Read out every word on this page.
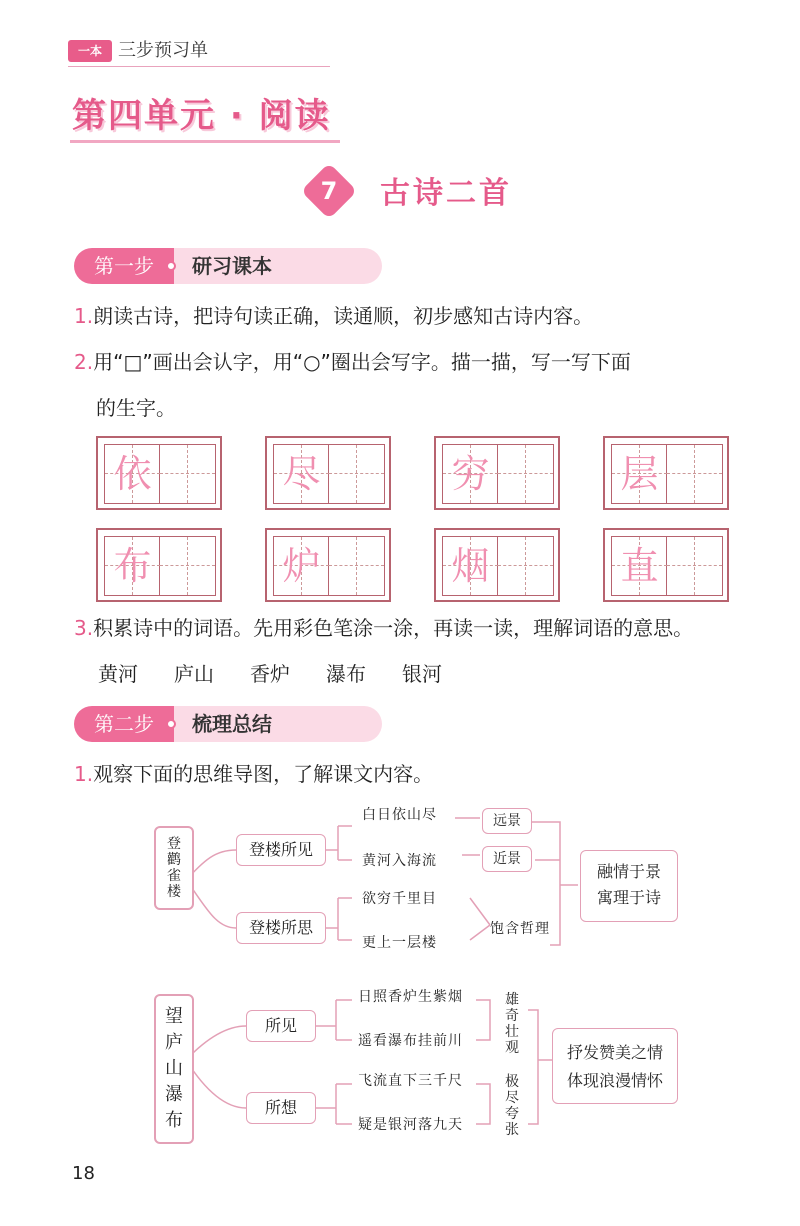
一本 三步预习单
第四单元 · 阅读
7	古诗二首
研习课本
第一步
1.朗读古诗，把诗句读正确，读通顺，初步感知古诗内容。
2.用“□”画出会认字，用“○”圈出会写字。描一描，写一写下面
的生字。
依	尽	穷	层
布	炉	烟	直
3.积累诗中的词语。先用彩色笔涂一涂，再读一读，理解词语的意思。
黄河 庐山 香炉 瀑布 银河
梳理总结
第二步
1.观察下面的思维导图，了解课文内容。
登鹳雀楼
登楼所见
登楼所思
白日依山尽
黄河入海流
欲穷千里目
更上一层楼
远景
近景
饱含哲理
融情于景
寓理于诗
望庐山瀑布
所见
所想
日照香炉生紫烟
遥看瀑布挂前川
飞流直下三千尺
疑是银河落九天
雄奇壮观
极尽夸张
抒发赞美之情
体现浪漫情怀
18
